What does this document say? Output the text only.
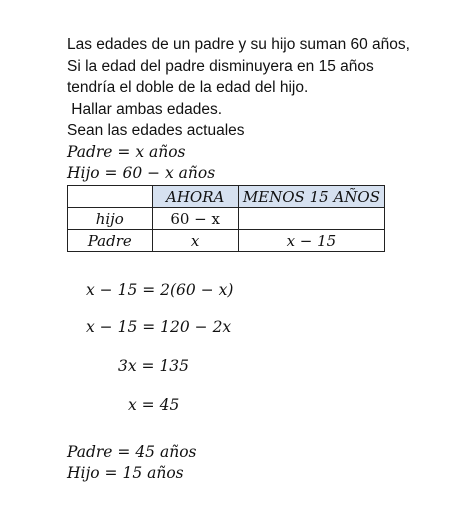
Las edades de un padre y su hijo suman 60 años,
Si la edad del padre disminuyera en 15 años
tendría el doble de la edad del hijo.
Hallar ambas edades.
Sean las edades actuales
Padre = x años
Hijo = 60 − x años
	AHORA	MENOS 15 AÑOS
hijo	60 − x	
Padre	x	x − 15
x − 15 = 2(60 − x)
x − 15 = 120 − 2x
3x = 135
x = 45
Padre = 45 años
Hijo = 15 años
